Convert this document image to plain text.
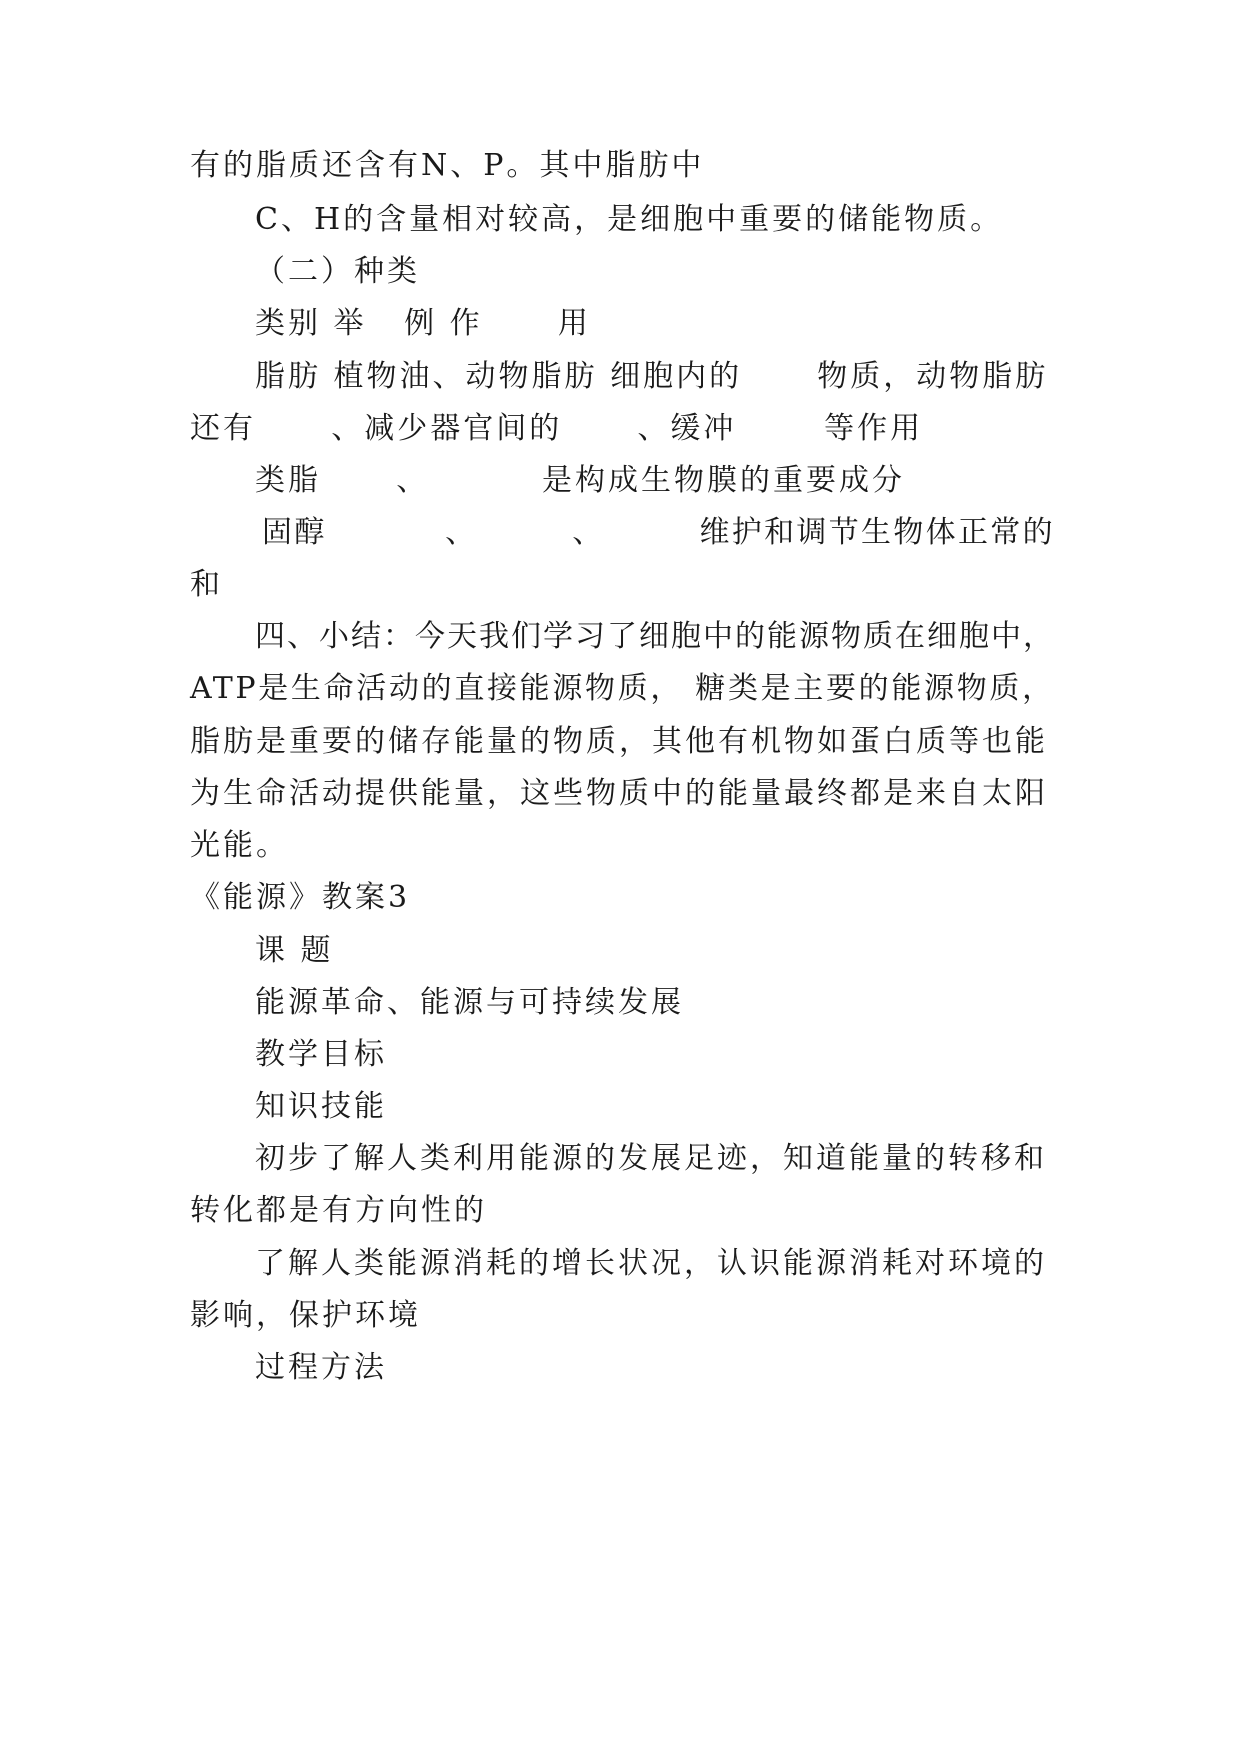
有的脂质还含有N、P。其中脂肪中
C、H的含量相对较高，是细胞中重要的储能物质。
（二）种类
类别 举   例 作      用
脂肪 植物油、动物脂肪 细胞内的      物质，动物脂肪
还有      、减少器官间的      、缓冲       等作用
类脂      、         是构成生物膜的重要成分
固醇          、        、        维护和调节生物体正常的
和
四、小结：今天我们学习了细胞中的能源物质在细胞中，
ATP是生命活动的直接能源物质， 糖类是主要的能源物质，
脂肪是重要的储存能量的物质，其他有机物如蛋白质等也能
为生命活动提供能量，这些物质中的能量最终都是来自太阳
光能。
《能源》教案3
课 题
能源革命、能源与可持续发展
教学目标
知识技能
初步了解人类利用能源的发展足迹，知道能量的转移和
转化都是有方向性的
了解人类能源消耗的增长状况，认识能源消耗对环境的
影响，保护环境
过程方法
